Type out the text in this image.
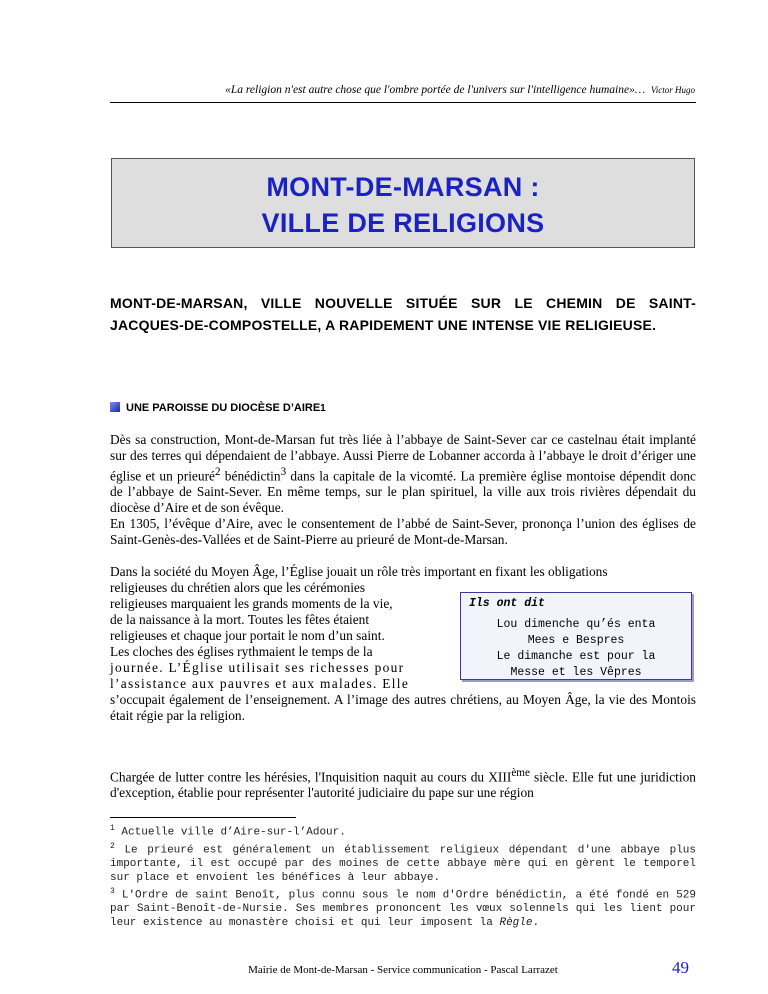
«La religion n'est autre chose que l'ombre portée de l'univers sur l'intelligence humaine»… Victor Hugo
MONT-DE-MARSAN :
VILLE DE RELIGIONS
MONT-DE-MARSAN, VILLE NOUVELLE SITUÉE SUR LE CHEMIN DE SAINT-JACQUES-DE-COMPOSTELLE, A RAPIDEMENT UNE INTENSE VIE RELIGIEUSE.
UNE PAROISSE DU DIOCÈSE D’AIRE 1
Dès sa construction, Mont-de-Marsan fut très liée à l’abbaye de Saint-Sever car ce castelnau était implanté sur des terres qui dépendaient de l’abbaye. Aussi Pierre de Lobanner accorda à l’abbaye le droit d’ériger une église et un prieuré$^2$ bénédictin$^3$ dans la capitale de la vicomté. La première église montoise dépendit donc de l’abbaye de Saint-Sever. En même temps, sur le plan spirituel, la ville aux trois rivières dépendait du diocèse d’Aire et de son évêque.
En 1305, l’évêque d’Aire, avec le consentement de l’abbé de Saint-Sever, prononça l’union des églises de Saint-Genès-des-Vallées et de Saint-Pierre au prieuré de Mont-de-Marsan.
Dans la société du Moyen Âge, l’Église jouait un rôle très important en fixant les obligations
religieuses du chrétien alors que les cérémonies
religieuses marquaient les grands moments de la vie,
de la naissance à la mort. Toutes les fêtes étaient
religieuses et chaque jour portait le nom d’un saint.
Les cloches des églises rythmaient le temps de la
journée. L’Église utilisait ses richesses pour
l’assistance aux pauvres et aux malades. Elle
s’occupait également de l’enseignement. A l’image des autres chrétiens, au Moyen Âge, la vie des Montois était régie par la religion.
Ils ont dit
Lou dimenche qu’és enta
Mees e Bespres
Le dimanche est pour la
Messe et les Vêpres
Chargée de lutter contre les hérésies, l'Inquisition naquit au cours du XIIIème siècle. Elle fut une juridiction d'exception, établie pour représenter l'autorité judiciaire du pape sur une région
$^1$ Actuelle ville d’Aire-sur-l’Adour.
$^2$ Le prieuré est généralement un établissement religieux dépendant d'une abbaye plus importante, il est occupé par des moines de cette abbaye mère qui en gèrent le temporel sur place et envoient les bénéfices à leur abbaye.
$^3$ L'Ordre de saint Benoît, plus connu sous le nom d'Ordre bénédictin, a été fondé en 529 par Saint-Benoît-de-Nursie. Ses membres prononcent les vœux solennels qui les lient pour leur existence au monastère choisi et qui leur imposent la Règle.
Mairie de Mont-de-Marsan - Service communication - Pascal Larrazet	49
